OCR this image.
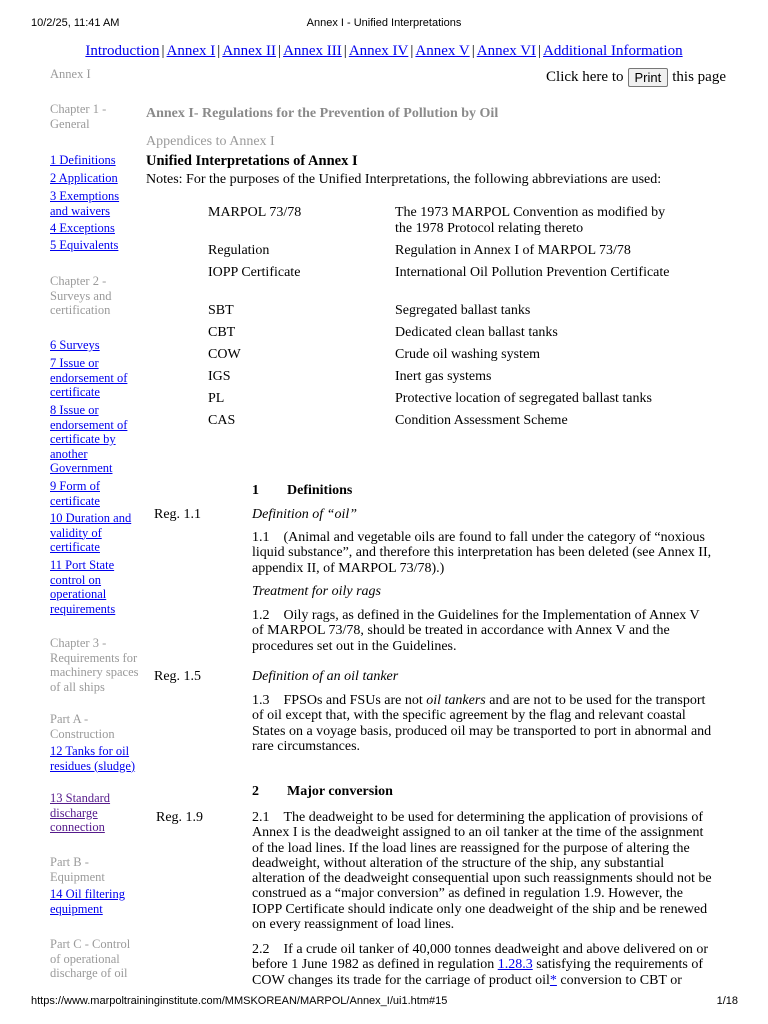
10/2/25, 11:41 AM	Annex I - Unified Interpretations
Introduction | Annex I | Annex II | Annex III | Annex IV | Annex V | Annex VI | Additional Information
Click here to Print this page
Annex I
Chapter 1 - General
1 Definitions
2 Application
3 Exemptions and waivers
4 Exceptions
5 Equivalents
Chapter 2 - Surveys and certification
6 Surveys
7 Issue or endorsement of certificate
8 Issue or endorsement of certificate by another Government
9 Form of certificate
10 Duration and validity of certificate
11 Port State control on operational requirements
Chapter 3 - Requirements for machinery spaces of all ships
Part A - Construction
12 Tanks for oil residues (sludge)
13 Standard discharge connection
Part B - Equipment
14 Oil filtering equipment
Part C - Control of operational discharge of oil
Annex I- Regulations for the Prevention of Pollution by Oil
Appendices to Annex I
Unified Interpretations of Annex I
Notes: For the purposes of the Unified Interpretations, the following abbreviations are used:
MARPOL 73/78	The 1973 MARPOL Convention as modified by the 1978 Protocol relating thereto
Regulation	Regulation in Annex I of MARPOL 73/78
IOPP Certificate	International Oil Pollution Prevention Certificate
SBT	Segregated ballast tanks
CBT	Dedicated clean ballast tanks
COW	Crude oil washing system
IGS	Inert gas systems
PL	Protective location of segregated ballast tanks
CAS	Condition Assessment Scheme
1  Definitions
Reg. 1.1	Definition of “oil”
1.1 (Animal and vegetable oils are found to fall under the category of “noxious liquid substance”, and therefore this interpretation has been deleted (see Annex II, appendix II, of MARPOL 73/78).)
Treatment for oily rags
1.2 Oily rags, as defined in the Guidelines for the Implementation of Annex V of MARPOL 73/78, should be treated in accordance with Annex V and the procedures set out in the Guidelines.
Reg. 1.5	Definition of an oil tanker
1.3 FPSOs and FSUs are not oil tankers and are not to be used for the transport of oil except that, with the specific agreement by the flag and relevant coastal States on a voyage basis, produced oil may be transported to port in abnormal and rare circumstances.
2  Major conversion
Reg. 1.9	2.1 The deadweight to be used for determining the application of provisions of Annex I is the deadweight assigned to an oil tanker at the time of the assignment of the load lines. If the load lines are reassigned for the purpose of altering the deadweight, without alteration of the structure of the ship, any substantial alteration of the deadweight consequential upon such reassignments should not be construed as a “major conversion” as defined in regulation 1.9. However, the IOPP Certificate should indicate only one deadweight of the ship and be renewed on every reassignment of load lines.
2.2 If a crude oil tanker of 40,000 tonnes deadweight and above delivered on or before 1 June 1982 as defined in regulation 1.28.3 satisfying the requirements of COW changes its trade for the carriage of product oil* conversion to CBT or
https://www.marpoltraininginstitute.com/MMSKOREAN/MARPOL/Annex_I/ui1.htm#15	1/18
